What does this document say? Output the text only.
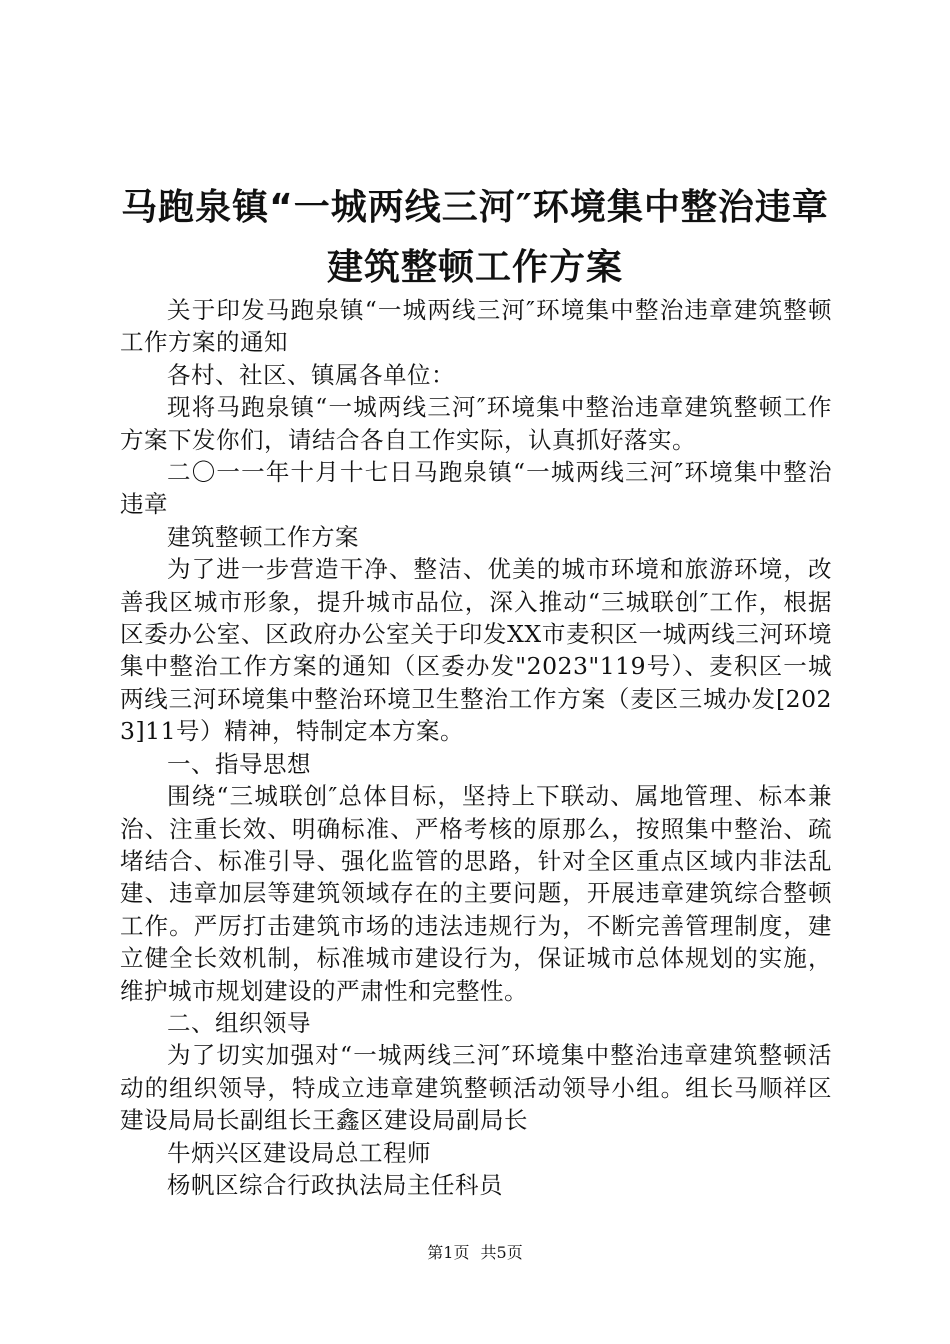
马跑泉镇“一城两线三河″环境集中整治违章
建筑整顿工作方案

关于印发马跑泉镇“一城两线三河″环境集中整治违章建筑整顿工作方案的通知

各村、社区、镇属各单位：

现将马跑泉镇“一城两线三河″环境集中整治违章建筑整顿工作方案下发你们，请结合各自工作实际，认真抓好落实。

二〇一一年十月十七日马跑泉镇“一城两线三河″环境集中整治违章

建筑整顿工作方案

为了进一步营造干净、整洁、优美的城市环境和旅游环境，改善我区城市形象，提升城市品位，深入推动“三城联创″工作，根据区委办公室、区政府办公室关于印发XX市麦积区一城两线三河环境集中整治工作方案的通知（区委办发"2023"119号）、麦积区一城两线三河环境集中整治环境卫生整治工作方案（麦区三城办发[2023]11号）精神，特制定本方案。

一、指导思想

围绕“三城联创″总体目标，坚持上下联动、属地管理、标本兼治、注重长效、明确标准、严格考核的原那么，按照集中整治、疏堵结合、标准引导、强化监管的思路，针对全区重点区域内非法乱建、违章加层等建筑领域存在的主要问题，开展违章建筑综合整顿工作。严厉打击建筑市场的违法违规行为，不断完善管理制度，建立健全长效机制，标准城市建设行为，保证城市总体规划的实施，维护城市规划建设的严肃性和完整性。

二、组织领导

为了切实加强对“一城两线三河″环境集中整治违章建筑整顿活动的组织领导，特成立违章建筑整顿活动领导小组。组长马顺祥区建设局局长副组长王鑫区建设局副局长

牛炳兴区建设局总工程师

杨帆区综合行政执法局主任科员

第1页 共5页
